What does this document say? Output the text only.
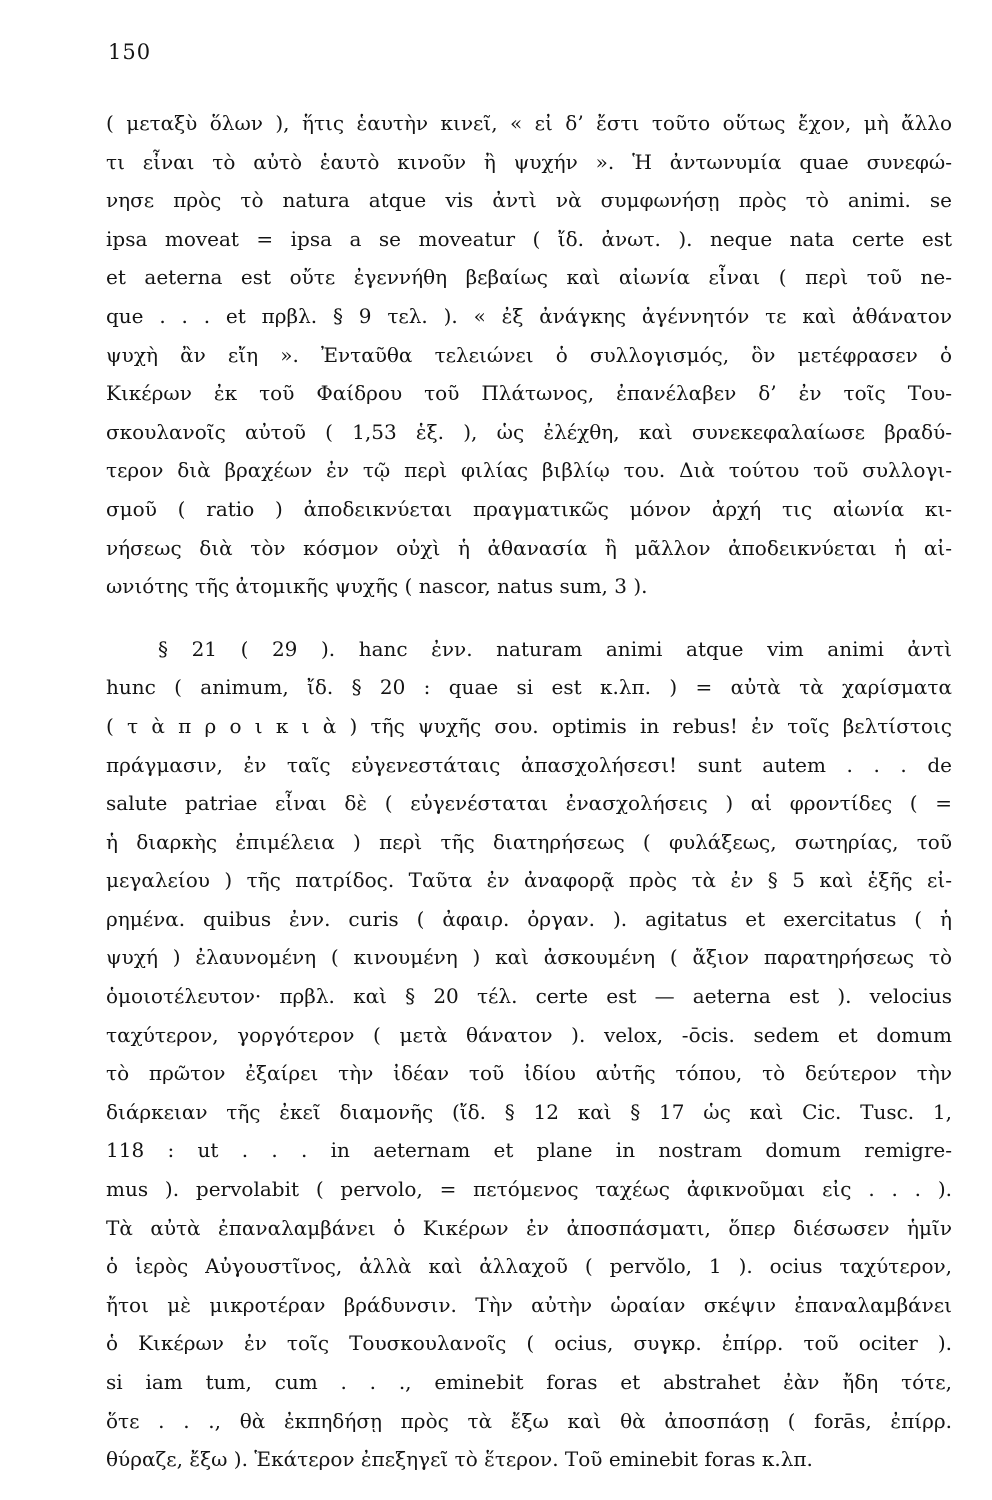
150
( μεταξὺ ὅλων ), ἥτις ἑαυτὴν κινεῖ, « εἰ δ’ ἔστι τοῦτο οὕτως ἔχον, μὴ ἄλλο
τι εἶναι τὸ αὐτὸ ἑαυτὸ κινοῦν ἢ ψυχήν ». Ἡ ἀντωνυμία quae συνεφώ-
νησε πρὸς τὸ natura atque vis ἀντὶ νὰ συμφωνήσῃ πρὸς τὸ animi. se
ipsa moveat = ipsa a se moveatur ( ἴδ. ἀνωτ. ). neque nata certe est
et aeterna est οὔτε ἐγεννήθη βεβαίως καὶ αἰωνία εἶναι ( περὶ τοῦ ne-
que . . . et πρβλ. § 9 τελ. ). « ἐξ ἀνάγκης ἀγέννητόν τε καὶ ἀθάνατον
ψυχὴ ἂν εἴη ». Ἐνταῦθα τελειώνει ὁ συλλογισμός, ὃν μετέφρασεν ὁ
Κικέρων ἐκ τοῦ Φαίδρου τοῦ Πλάτωνος, ἐπανέλαβεν δ’ ἐν τοῖς Του-
σκουλανοῖς αὐτοῦ ( 1,53 ἑξ. ), ὡς ἐλέχθη, καὶ συνεκεφαλαίωσε βραδύ-
τερον διὰ βραχέων ἐν τῷ περὶ φιλίας βιβλίῳ του. Διὰ τούτου τοῦ συλλογι-
σμοῦ ( ratio ) ἀποδεικνύεται πραγματικῶς μόνον ἀρχή τις αἰωνία κι-
νήσεως διὰ τὸν κόσμον οὐχὶ ἡ ἀθανασία ἢ μᾶλλον ἀποδεικνύεται ἡ αἰ-
ωνιότης τῆς ἀτομικῆς ψυχῆς ( nascor, natus sum, 3 ).
§ 21 ( 29 ). hanc ἐνν. naturam animi atque vim animi ἀντὶ
hunc ( animum, ἴδ. § 20 : quae si est κ.λπ. ) = αὐτὰ τὰ χαρίσματα
( τ ὰ π ρ ο ι κ ι ὰ ) τῆς ψυχῆς σου. optimis in rebus! ἐν τοῖς βελτίστοις
πράγμασιν, ἐν ταῖς εὐγενεστάταις ἀπασχολήσεσι! sunt autem . . . de
salute patriae εἶναι δὲ ( εὐγενέσταται ἐνασχολήσεις ) αἱ φροντίδες ( =
ἡ διαρκὴς ἐπιμέλεια ) περὶ τῆς διατηρήσεως ( φυλάξεως, σωτηρίας, τοῦ
μεγαλείου ) τῆς πατρίδος. Ταῦτα ἐν ἀναφορᾷ πρὸς τὰ ἐν § 5 καὶ ἑξῆς εἰ-
ρημένα. quibus ἐνν. curis ( ἀφαιρ. ὀργαν. ). agitatus et exercitatus ( ἡ
ψυχή ) ἐλαυνομένη ( κινουμένη ) καὶ ἀσκουμένη ( ἄξιον παρατηρήσεως τὸ
ὁμοιοτέλευτον· πρβλ. καὶ § 20 τέλ. certe est — aeterna est ). velocius
ταχύτερον, γοργότερον ( μετὰ θάνατον ). velox, -ōcis. sedem et domum
τὸ πρῶτον ἐξαίρει τὴν ἰδέαν τοῦ ἰδίου αὐτῆς τόπου, τὸ δεύτερον τὴν
διάρκειαν τῆς ἐκεῖ διαμονῆς (ἴδ. § 12 καὶ § 17 ὡς καὶ Cic. Tusc. 1,
118 : ut . . . in aeternam et plane in nostram domum remigre-
mus ). pervolabit ( pervolo, = πετόμενος ταχέως ἀφικνοῦμαι εἰς . . . ).
Τὰ αὐτὰ ἐπαναλαμβάνει ὁ Κικέρων ἐν ἀποσπάσματι, ὅπερ διέσωσεν ἡμῖν
ὁ ἱερὸς Αὐγουστῖνος, ἀλλὰ καὶ ἀλλαχοῦ ( pervŏlo, 1 ). ocius ταχύτερον,
ἤτοι μὲ μικροτέραν βράδυνσιν. Τὴν αὐτὴν ὡραίαν σκέψιν ἐπαναλαμβάνει
ὁ Κικέρων ἐν τοῖς Τουσκουλανοῖς ( ocius, συγκρ. ἐπίρρ. τοῦ ociter ).
si iam tum, cum . . ., eminebit foras et abstrahet ἐὰν ἤδη τότε,
ὅτε . . ., θὰ ἐκπηδήσῃ πρὸς τὰ ἔξω καὶ θὰ ἀποσπάσῃ ( forās, ἐπίρρ.
θύραζε, ἔξω ). Ἑκάτερον ἐπεξηγεῖ τὸ ἕτερον. Τοῦ eminebit foras κ.λπ.
